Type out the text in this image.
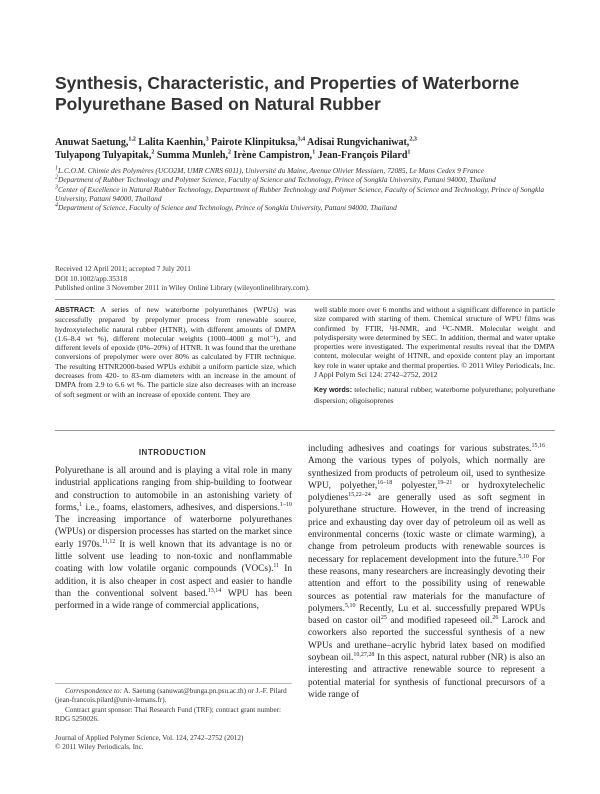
Synthesis, Characteristic, and Properties of Waterborne Polyurethane Based on Natural Rubber
Anuwat Saetung,$^{1,2}$ Lalita Kaenhin,$^3$ Pairote Klinpituksa,$^{3,4}$ Adisai Rungvichaniwat,$^{2,3}$
Tulyapong Tulyapitak,$^2$ Summa Munleh,$^2$ Irène Campistron,$^1$ Jean-François Pilard$^1$
$^1$L.C.O.M. Chimie des Polymères (UCO2M, UMR CNRS 6011), Université du Maine, Avenue Olivier Messiaen, 72085, Le Mans Cedex 9 France
$^2$Department of Rubber Technology and Polymer Science, Faculty of Science and Technology, Prince of Songkla University, Pattani 94000, Thailand
$^3$Center of Excellence in Natural Rubber Technology, Department of Rubber Technology and Polymer Science, Faculty of Science and Technology, Prince of Songkla University, Pattani 94000, Thailand
$^4$Department of Science, Faculty of Science and Technology, Prince of Songkla University, Pattani 94000, Thailand
Received 12 April 2011; accepted 7 July 2011
DOI 10.1002/app.35318
Published online 3 November 2011 in Wiley Online Library (wileyonlinelibrary.com).
ABSTRACT: A series of new waterborne polyurethanes (WPUs) was successfully prepared by prepolymer process from renewable source, hydroxytelechelic natural rubber (HTNR), with different amounts of DMPA (1.6–8.4 wt %), different molecular weights (1000–4000 g mol⁻¹), and different levels of epoxide (0%–20%) of HTNR. It was found that the urethane conversions of prepolymer were over 80% as calculated by FTIR technique. The resulting HTNR2000-based WPUs exhibit a uniform particle size, which decreases from 420- to 83-nm diameters with an increase in the amount of DMPA from 2.9 to 6.6 wt %. The particle size also decreases with an increase of soft segment or with an increase of epoxide content. They are
well stable more over 6 months and without a significant difference in particle size compared with starting of them. Chemical structure of WPU films was confirmed by FTIR, ¹H-NMR, and ¹³C-NMR. Molecular weight and polydispersity were determined by SEC. In addition, thermal and water uptake properties were investigated. The experimental results reveal that the DMPA content, molecular weight of HTNR, and epoxide content play an important key role in water uptake and thermal properties. © 2011 Wiley Periodicals, Inc. J Appl Polym Sci 124: 2742–2752, 2012
Key words: telechelic; natural rubber; waterborne polyurethane; polyurethane dispersion; oligoisoprenes
INTRODUCTION

Polyurethane is all around and is playing a vital role in many industrial applications ranging from ship-building to footwear and construction to automobile in an astonishing variety of forms,$^1$ i.e., foams, elastomers, adhesives, and dispersions.$^{1-10}$ The increasing importance of waterborne polyurethanes (WPUs) or dispersion processes has started on the market since early 1970s.$^{11,12}$ It is well known that its advantage is no or little solvent use leading to non-toxic and nonflammable coating with low volatile organic compounds (VOCs).$^{11}$ In addition, it is also cheaper in cost aspect and easier to handle than the conventional solvent based.$^{13,14}$ WPU has been performed in a wide range of commercial applications,

including adhesives and coatings for various substrates.$^{15,16}$ Among the various types of polyols, which normally are synthesized from products of petroleum oil, used to synthesize WPU, polyether,$^{16-18}$ polyester,$^{19-21}$ or hydroxytelechelic polydienes$^{15,22-24}$ are generally used as soft segment in polyurethane structure. However, in the trend of increasing price and exhausting day over day of petroleum oil as well as environmental concerns (toxic waste or climate warming), a change from petroleum products with renewable sources is necessary for replacement development into the future.$^{5,10}$ For these reasons, many researchers are increasingly devoting their attention and effort to the possibility using of renewable sources as potential raw materials for the manufacture of polymers.$^{5,10}$ Recently, Lu et al. successfully prepared WPUs based on castor oil$^{25}$ and modified rapeseed oil.$^{26}$ Larock and coworkers also reported the successful synthesis of a new WPUs and urethane–acrylic hybrid latex based on modified soybean oil.$^{10,27,28}$ In this aspect, natural rubber (NR) is also an interesting and attractive renewable source to represent a potential material for synthesis of functional precursors of a wide range of

Correspondence to: A. Saetung (sanuwat@bunga.pn.psu.ac.th) or J.-F. Pilard (jean-francois.pilard@univ-lemans.fr).

Contract grant sponsor: Thai Research Fund (TRF); contract grant number: RDG 5250026.

Journal of Applied Polymer Science, Vol. 124, 2742–2752 (2012)
© 2011 Wiley Periodicals, Inc.
